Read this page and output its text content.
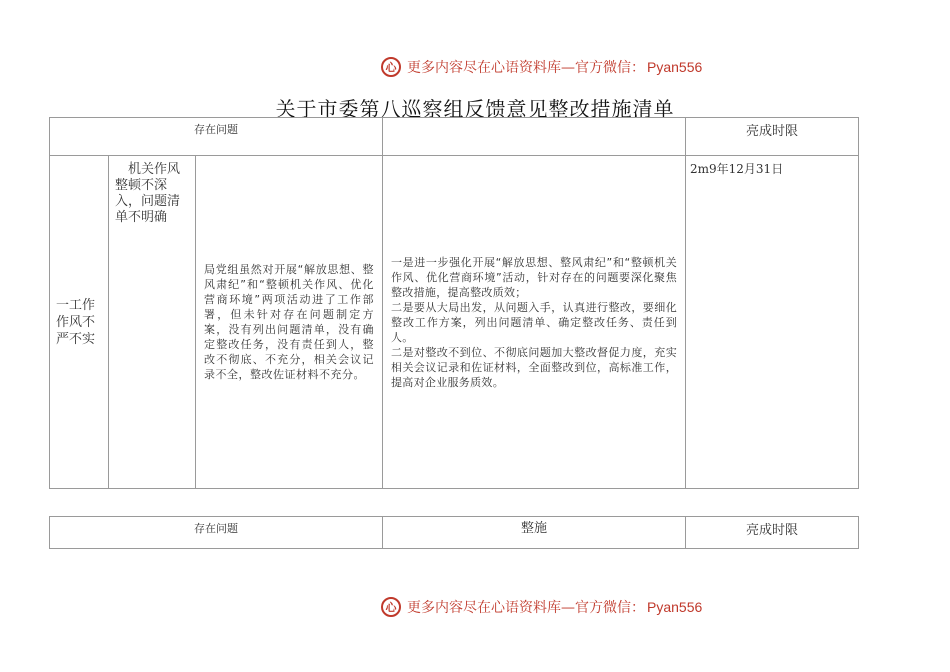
心 更多内容尽在心语资料库—官方微信： Pyan556
关于市委第八巡察组反馈意见整改措施清单
存在问题				亮成时限
一工作作风不严不实	机关作风整顿不深入，问题清单不明确	局党组虽然对开展“解放思想、整风肃纪”和“整顿机关作风、优化营商环境”两项活动进了工作部署，但未针对存在问题制定方案，没有列出问题清单，没有确定整改任务，没有责任到人，整改不彻底、不充分，相关会议记录不全，整改佐证材料不充分。	一是进一步强化开展“解放思想、整风肃纪”和“整顿机关作风、优化营商环境”活动，针对存在的问题要深化聚焦整改措施，提高整改质效；

二是要从大局出发，从问题入手，认真进行整改，要细化整改工作方案，列出问题清单、确定整改任务、责任到人。

二是对整改不到位、不彻底问题加大整改督促力度，充实相关会议记录和佐证材料，全面整改到位，高标准工作，提高对企业服务质效。	2m9年12月31日
存在问题	整施	亮成时限
心 更多内容尽在心语资料库—官方微信： Pyan556
